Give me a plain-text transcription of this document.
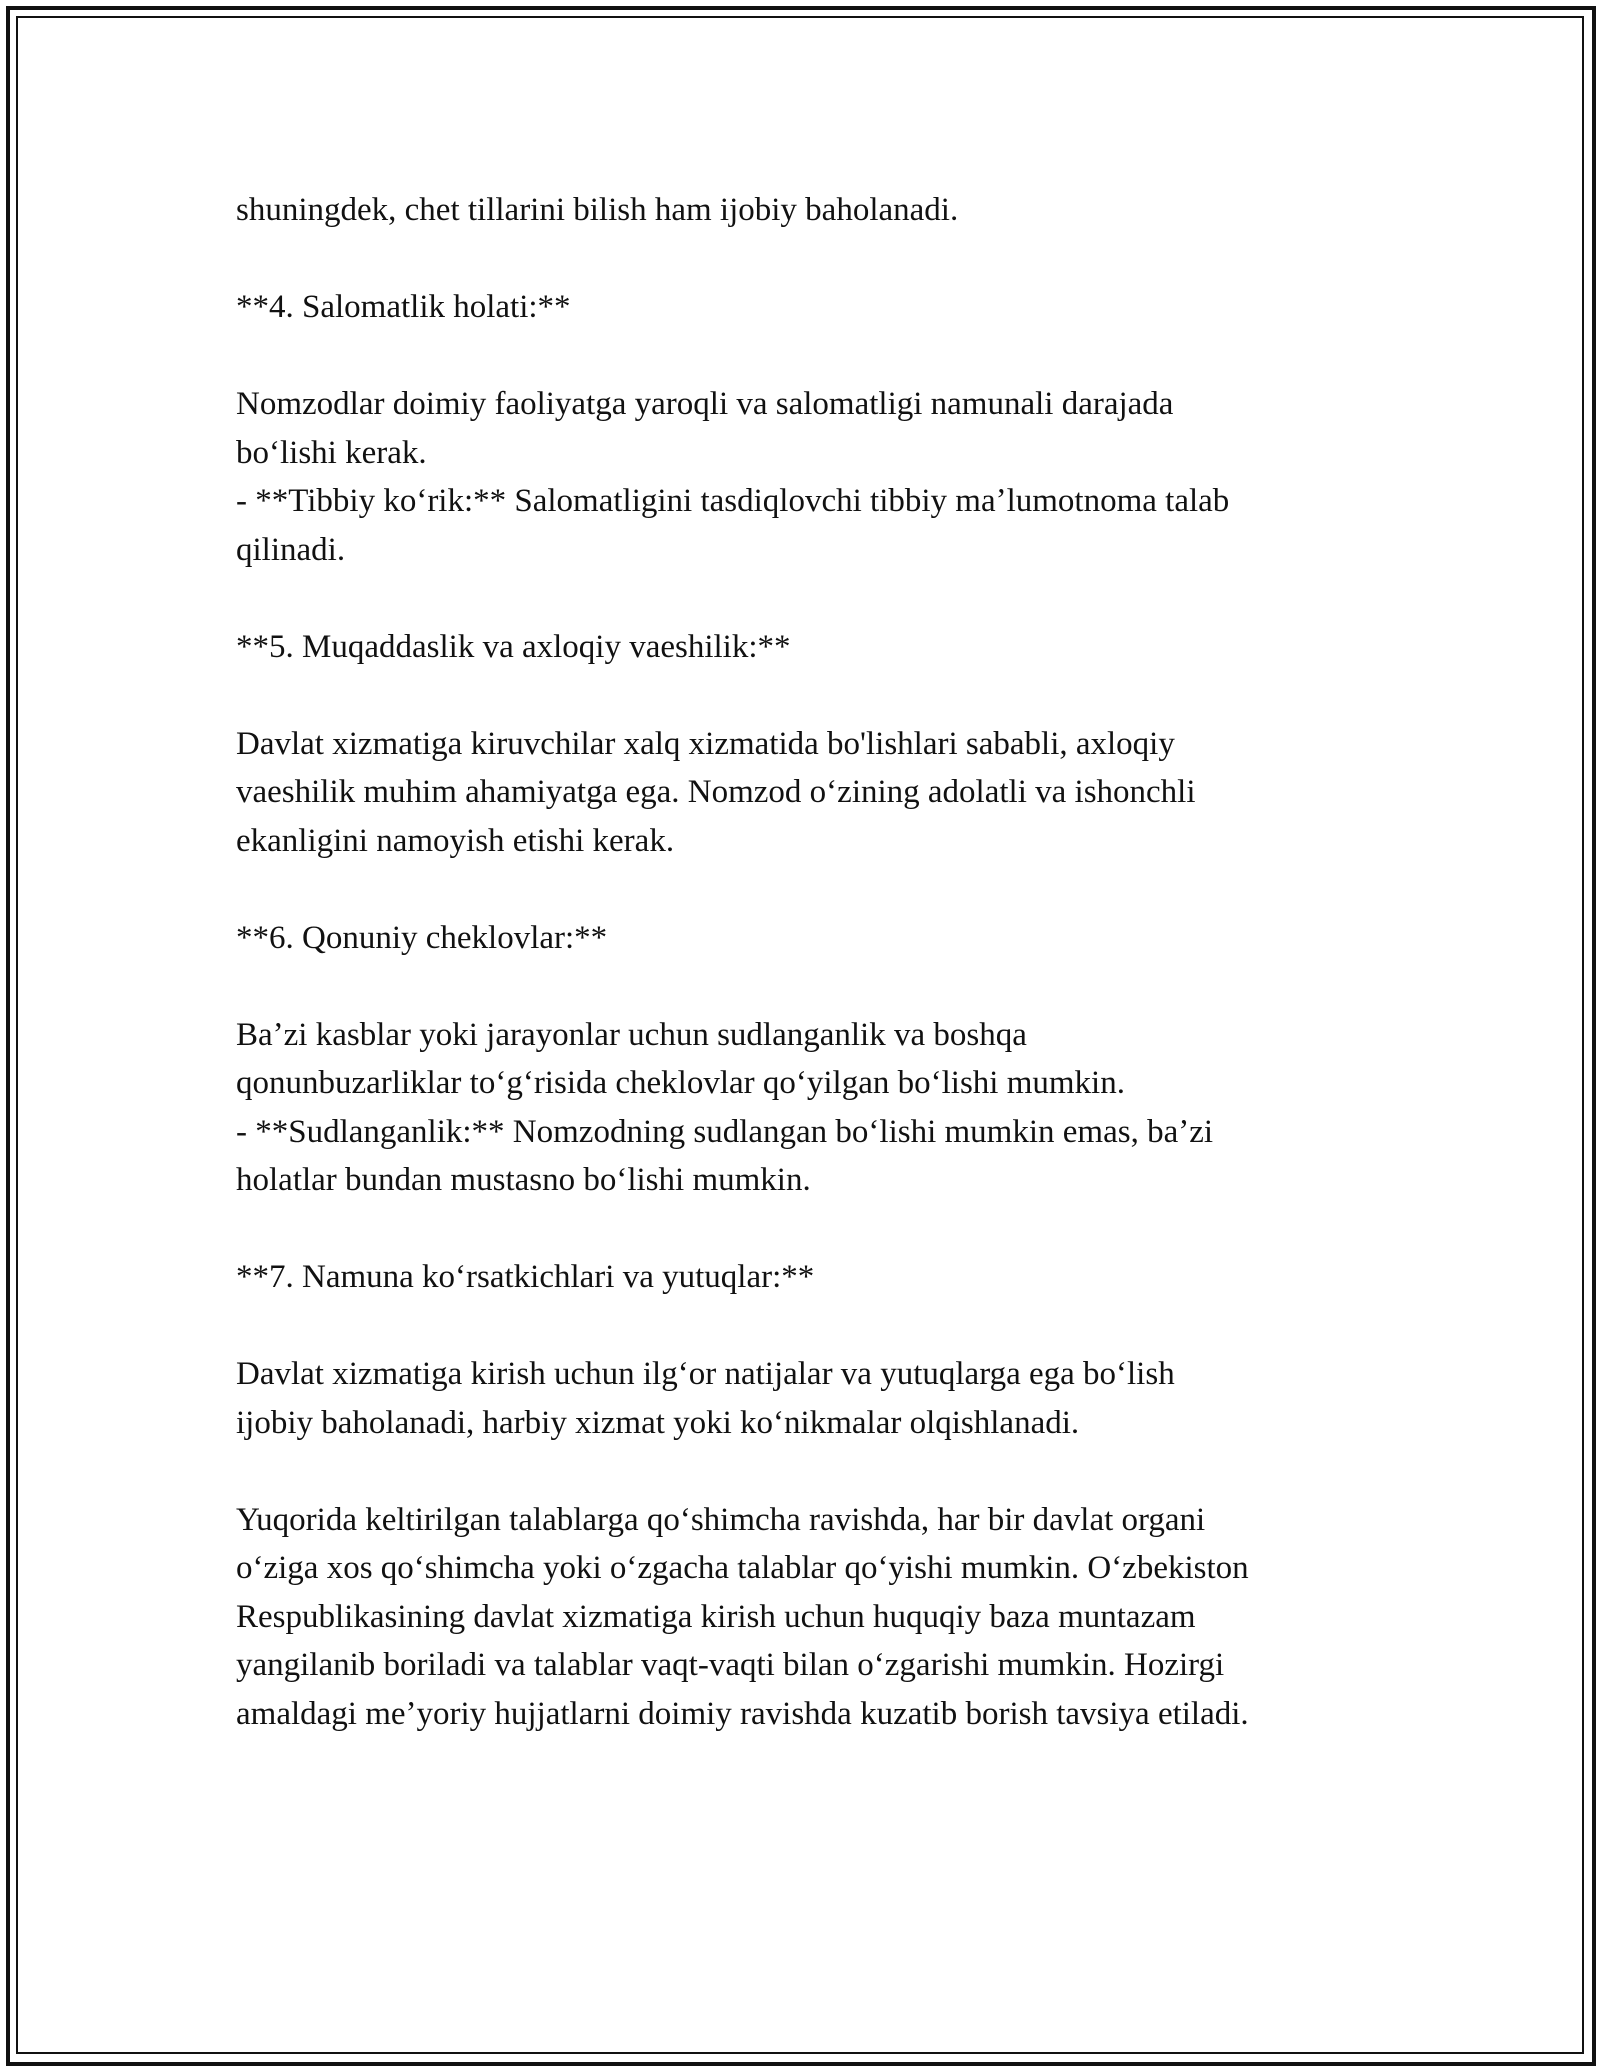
shuningdek, chet tillarini bilish ham ijobiy baholanadi.

**4. Salomatlik holati:**

Nomzodlar doimiy faoliyatga yaroqli va salomatligi namunali darajada

boʻlishi kerak.

- **Tibbiy koʻrik:** Salomatligini tasdiqlovchi tibbiy maʼlumotnoma talab

qilinadi.

**5. Muqaddaslik va axloqiy vaeshilik:**

Davlat xizmatiga kiruvchilar xalq xizmatida bo'lishlari sababli, axloqiy

vaeshilik muhim ahamiyatga ega. Nomzod oʻzining adolatli va ishonchli

ekanligini namoyish etishi kerak.

**6. Qonuniy cheklovlar:**

Baʼzi kasblar yoki jarayonlar uchun sudlanganlik va boshqa

qonunbuzarliklar toʻgʻrisida cheklovlar qoʻyilgan boʻlishi mumkin.

- **Sudlanganlik:** Nomzodning sudlangan boʻlishi mumkin emas, baʼzi

holatlar bundan mustasno boʻlishi mumkin.

**7. Namuna koʻrsatkichlari va yutuqlar:**

Davlat xizmatiga kirish uchun ilgʻor natijalar va yutuqlarga ega boʻlish

ijobiy baholanadi, harbiy xizmat yoki koʻnikmalar olqishlanadi.

Yuqorida keltirilgan talablarga qoʻshimcha ravishda, har bir davlat organi

oʻziga xos qoʻshimcha yoki oʻzgacha talablar qoʻyishi mumkin. Oʻzbekiston

Respublikasining davlat xizmatiga kirish uchun huquqiy baza muntazam

yangilanib boriladi va talablar vaqt-vaqti bilan oʻzgarishi mumkin. Hozirgi

amaldagi meʼyoriy hujjatlarni doimiy ravishda kuzatib borish tavsiya etiladi.
